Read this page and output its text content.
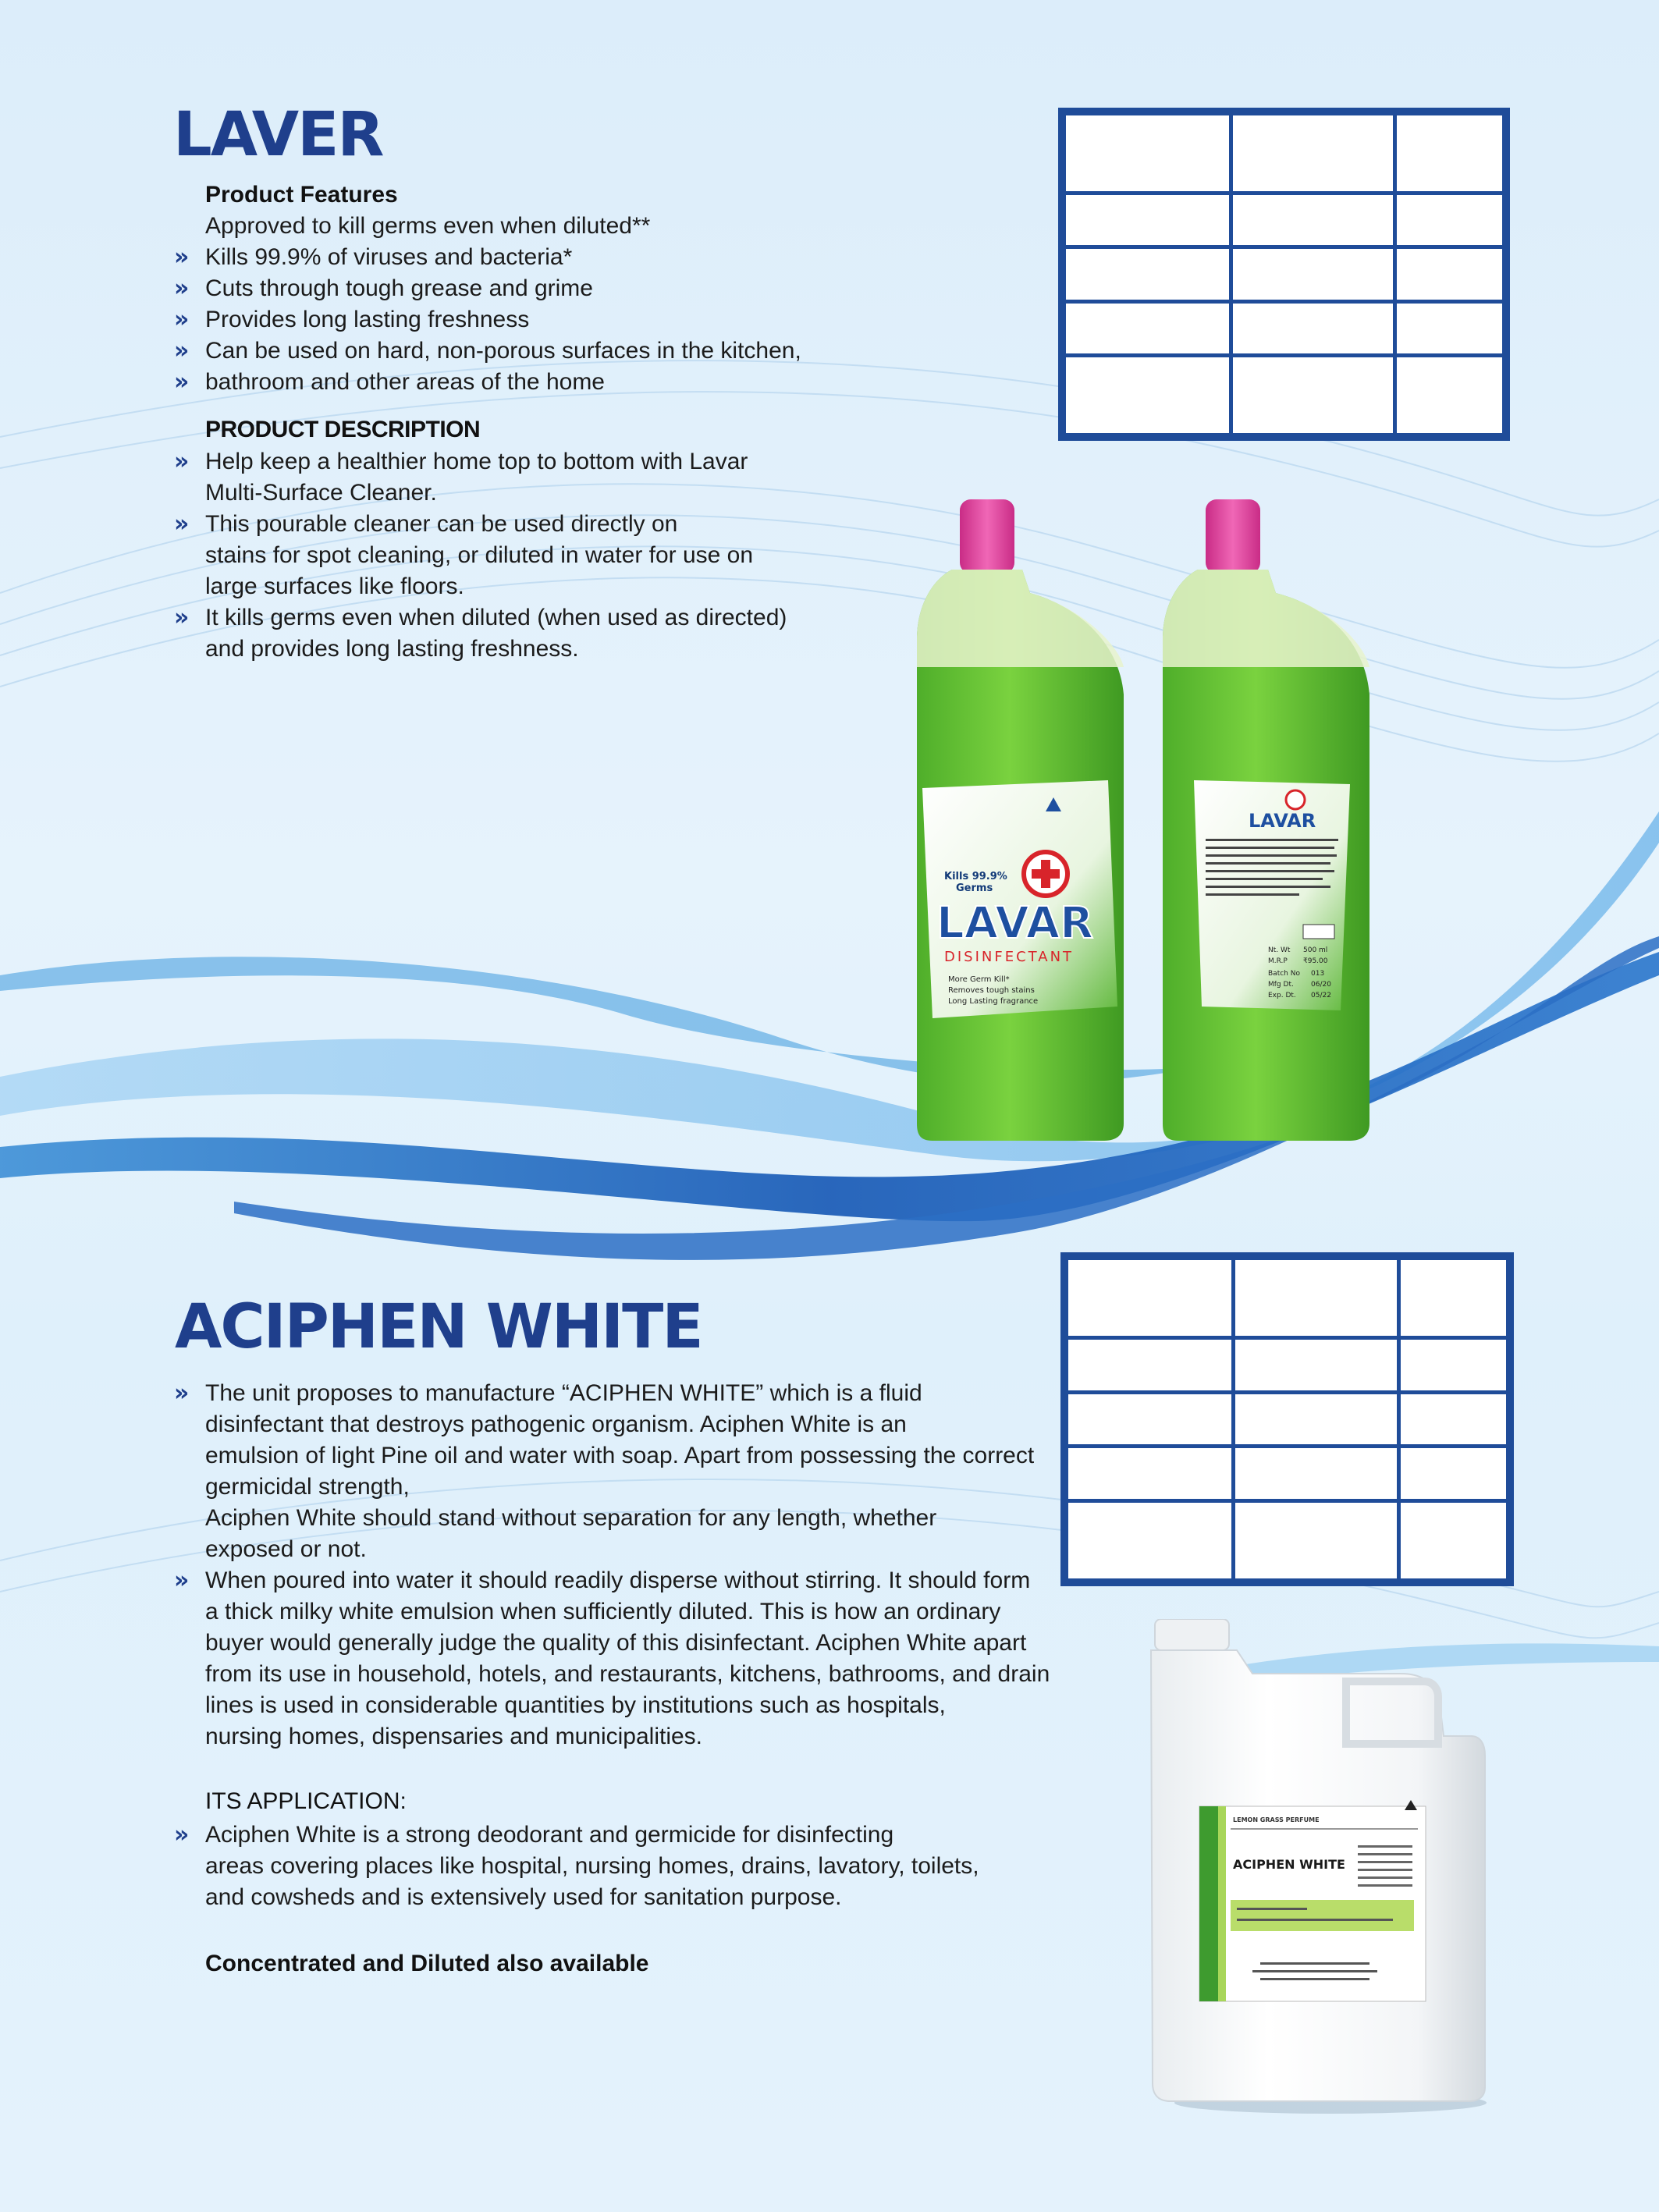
LAVER
Product Features
Approved to kill germs even when diluted**
» Kills 99.9% of viruses and bacteria*
» Cuts through tough grease and grime
» Provides long lasting freshness
» Can be used on hard, non-porous surfaces in the kitchen,
» bathroom and other areas of the home
PRODUCT DESCRIPTION
» Help keep a healthier home top to bottom with Lavar
Multi-Surface Cleaner.
» This pourable cleaner can be used directly on
stains for spot cleaning, or diluted in water for use on
large surfaces like floors.
» It kills germs even when diluted (when used as directed)
and provides long lasting freshness.

Kills 99.9%
Germs
LAVAR
DISINFECTANT
More Germ Kill*
Removes tough stains
Long Lasting fragrance
LAVAR
Nt. Wt 500 ml
M.R.P ₹95.00
Batch No 013
Mfg Dt. 06/20
Exp. Dt. 05/22
ACIPHEN WHITE
» The unit proposes to manufacture “ACIPHEN WHITE” which is a fluid
disinfectant that destroys pathogenic organism. Aciphen White is an
emulsion of light Pine oil and water with soap. Apart from possessing the correct
germicidal strength,
Aciphen White should stand without separation for any length, whether
exposed or not.
» When poured into water it should readily disperse without stirring. It should form
a thick milky white emulsion when sufficiently diluted. This is how an ordinary
buyer would generally judge the quality of this disinfectant. Aciphen White apart
from its use in household, hotels, and restaurants, kitchens, bathrooms, and drain
lines is used in considerable quantities by institutions such as hospitals,
nursing homes, dispensaries and municipalities.
ITS APPLICATION:
» Aciphen White is a strong deodorant and germicide for disinfecting
areas covering places like hospital, nursing homes, drains, lavatory, toilets,
and cowsheds and is extensively used for sanitation purpose.
Concentrated and Diluted also available

LEMON GRASS PERFUME
ACIPHEN WHITE
